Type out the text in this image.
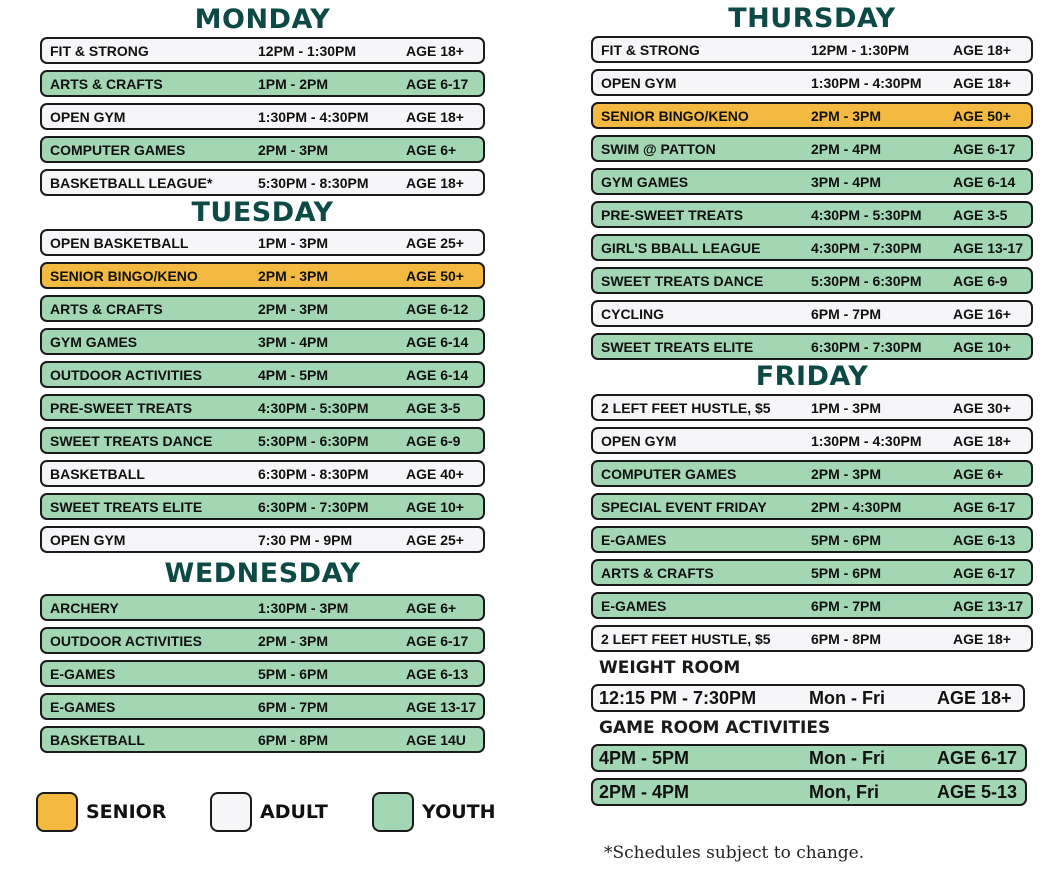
MONDAY
FIT & STRONG	12PM - 1:30PM	AGE 18+
ARTS & CRAFTS	1PM - 2PM	AGE 6-17
OPEN GYM	1:30PM - 4:30PM	AGE 18+
COMPUTER GAMES	2PM - 3PM	AGE 6+
BASKETBALL LEAGUE*	5:30PM - 8:30PM	AGE 18+
TUESDAY
OPEN BASKETBALL	1PM - 3PM	AGE 25+
SENIOR BINGO/KENO	2PM - 3PM	AGE 50+
ARTS & CRAFTS	2PM - 3PM	AGE 6-12
GYM GAMES	3PM - 4PM	AGE 6-14
OUTDOOR ACTIVITIES	4PM - 5PM	AGE 6-14
PRE-SWEET TREATS	4:30PM - 5:30PM	AGE 3-5
SWEET TREATS DANCE	5:30PM - 6:30PM	AGE 6-9
BASKETBALL	6:30PM - 8:30PM	AGE 40+
SWEET TREATS ELITE	6:30PM - 7:30PM	AGE 10+
OPEN GYM	7:30 PM - 9PM	AGE 25+
WEDNESDAY
ARCHERY	1:30PM - 3PM	AGE 6+
OUTDOOR ACTIVITIES	2PM - 3PM	AGE 6-17
E-GAMES	5PM - 6PM	AGE 6-13
E-GAMES	6PM - 7PM	AGE 13-17
BASKETBALL	6PM - 8PM	AGE 14U
THURSDAY
FIT & STRONG	12PM - 1:30PM	AGE 18+
OPEN GYM	1:30PM - 4:30PM AGE 18+
SENIOR BINGO/KENO	2PM - 3PM	AGE 50+
SWIM @ PATTON	2PM - 4PM	AGE 6-17
GYM GAMES	3PM - 4PM	AGE 6-14
PRE-SWEET TREATS	4:30PM - 5:30PM AGE 3-5
GIRL'S BBALL LEAGUE	4:30PM - 7:30PM AGE 13-17
SWEET TREATS DANCE	5:30PM - 6:30PM AGE 6-9
CYCLING	6PM - 7PM	AGE 16+
SWEET TREATS ELITE	6:30PM - 7:30PM AGE 10+
FRIDAY
2 LEFT FEET HUSTLE, $5	1PM - 3PM	AGE 30+
OPEN GYM	1:30PM - 4:30PM AGE 18+
COMPUTER GAMES	2PM - 3PM	AGE 6+
SPECIAL EVENT FRIDAY	2PM - 4:30PM	AGE 6-17
E-GAMES	5PM - 6PM	AGE 6-13
ARTS & CRAFTS	5PM - 6PM	AGE 6-17
E-GAMES	6PM - 7PM	AGE 13-17
2 LEFT FEET HUSTLE, $5	6PM - 8PM	AGE 18+
WEIGHT ROOM
12:15 PM - 7:30PM	Mon - Fri	AGE 18+
GAME ROOM ACTIVITIES
4PM - 5PM	Mon - Fri	AGE 6-17
2PM - 4PM	Mon, Fri	AGE 5-13
SENIOR	ADULT	YOUTH
*Schedules subject to change.
